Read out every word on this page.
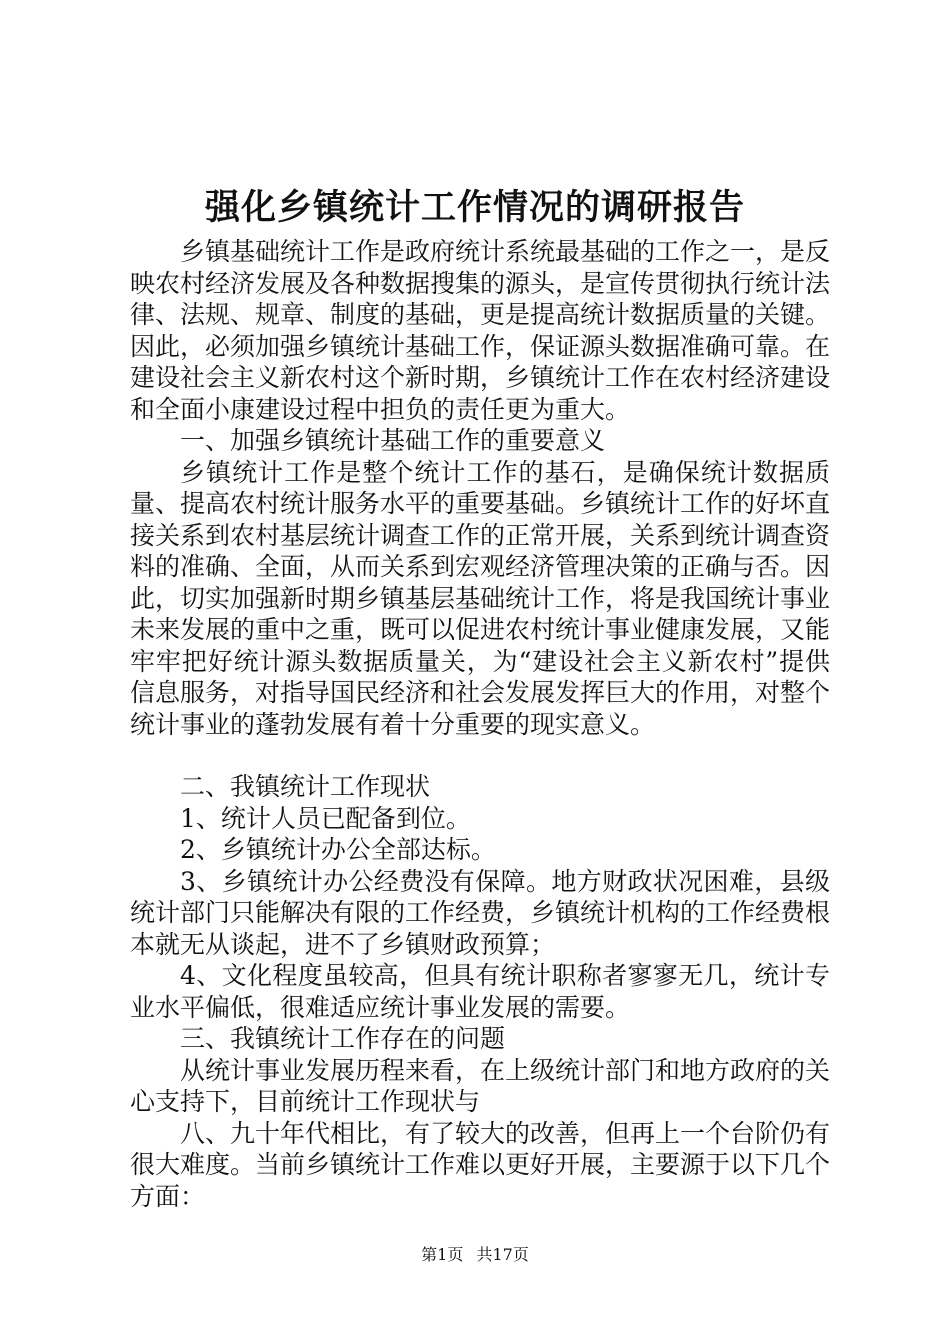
强化乡镇统计工作情况的调研报告

乡镇基础统计工作是政府统计系统最基础的工作之一，是反映农村经济发展及各种数据搜集的源头，是宣传贯彻执行统计法律、法规、规章、制度的基础，更是提高统计数据质量的关键。因此，必须加强乡镇统计基础工作，保证源头数据准确可靠。在建设社会主义新农村这个新时期，乡镇统计工作在农村经济建设和全面小康建设过程中担负的责任更为重大。

一、加强乡镇统计基础工作的重要意义

乡镇统计工作是整个统计工作的基石，是确保统计数据质量、提高农村统计服务水平的重要基础。乡镇统计工作的好坏直接关系到农村基层统计调查工作的正常开展，关系到统计调查资料的准确、全面，从而关系到宏观经济管理决策的正确与否。因此，切实加强新时期乡镇基层基础统计工作，将是我国统计事业未来发展的重中之重，既可以促进农村统计事业健康发展，又能牢牢把好统计源头数据质量关，为“建设社会主义新农村”提供信息服务，对指导国民经济和社会发展发挥巨大的作用，对整个统计事业的蓬勃发展有着十分重要的现实意义。

二、我镇统计工作现状

1、统计人员已配备到位。

2、乡镇统计办公全部达标。

3、乡镇统计办公经费没有保障。地方财政状况困难，县级统计部门只能解决有限的工作经费，乡镇统计机构的工作经费根本就无从谈起，进不了乡镇财政预算；

4、文化程度虽较高，但具有统计职称者寥寥无几，统计专业水平偏低，很难适应统计事业发展的需要。

三、我镇统计工作存在的问题

从统计事业发展历程来看，在上级统计部门和地方政府的关心支持下，目前统计工作现状与

八、九十年代相比，有了较大的改善，但再上一个台阶仍有很大难度。当前乡镇统计工作难以更好开展，主要源于以下几个方面：

第1页 共17页
